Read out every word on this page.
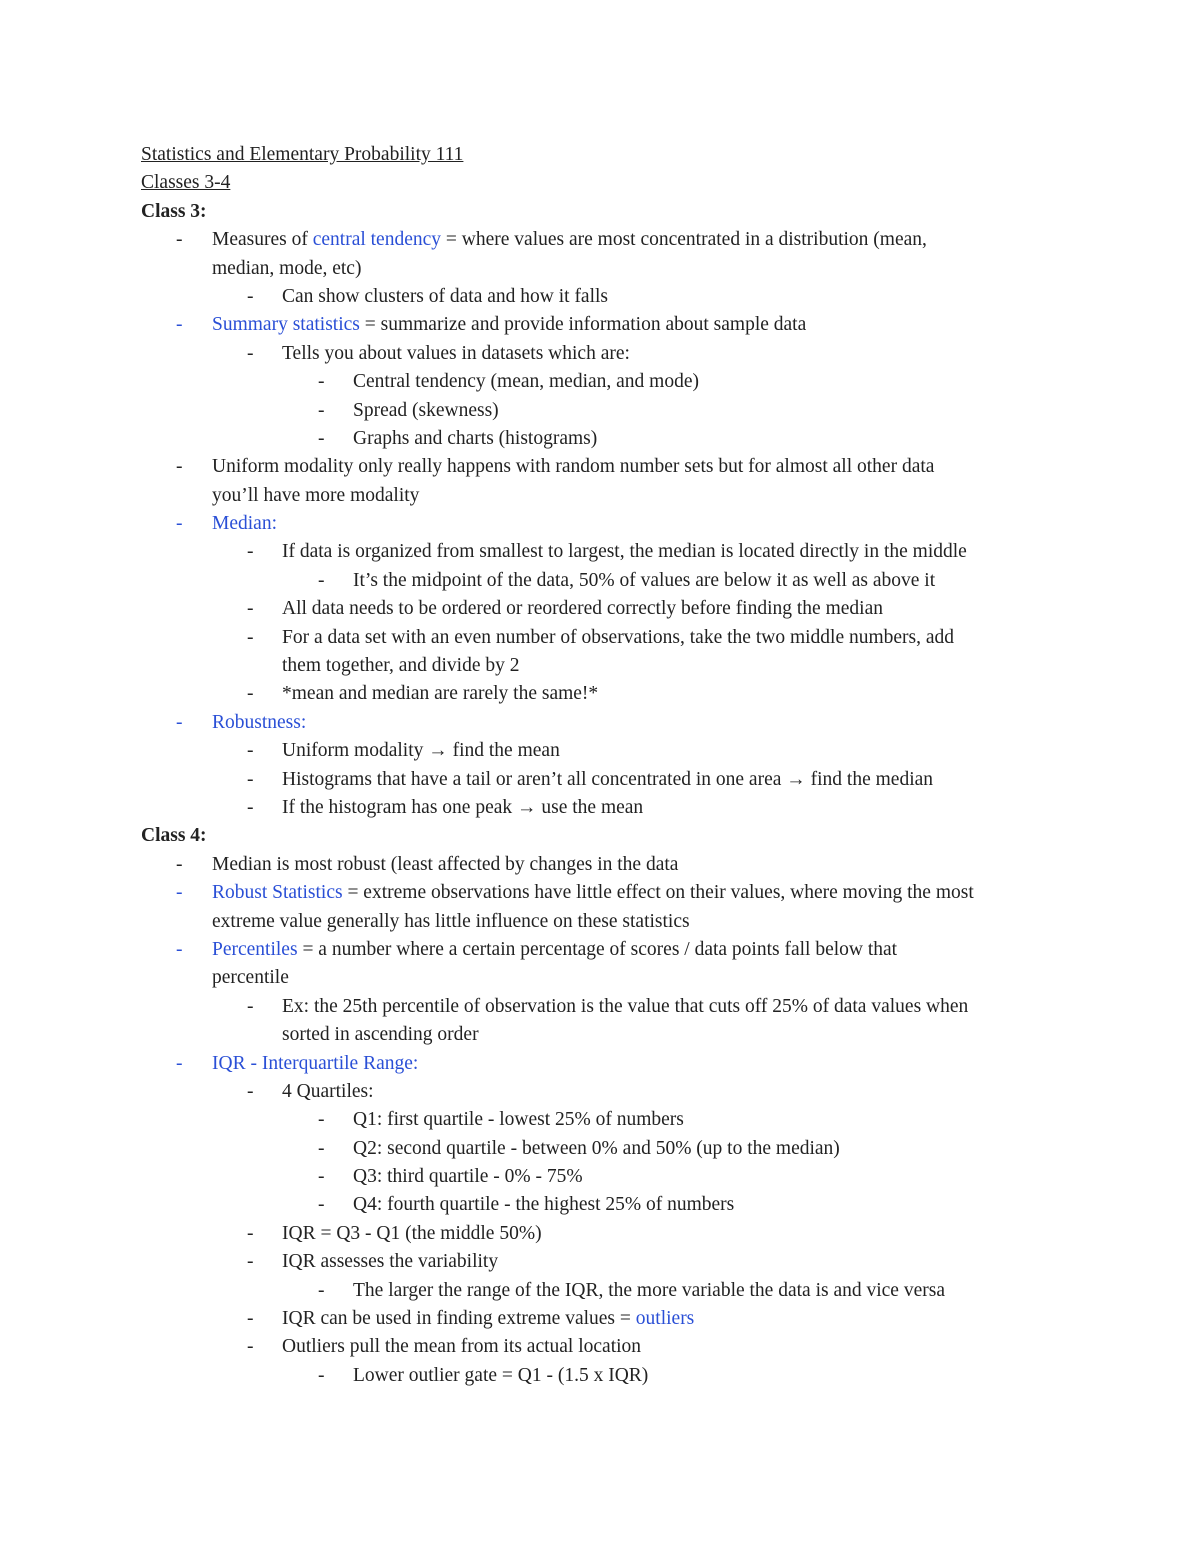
Statistics and Elementary Probability 111
Classes 3-4
Class 3:
- Measures of central tendency = where values are most concentrated in a distribution (mean,
median, mode, etc)
- Can show clusters of data and how it falls
- Summary statistics = summarize and provide information about sample data
- Tells you about values in datasets which are:
- Central tendency (mean, median, and mode)
- Spread (skewness)
- Graphs and charts (histograms)
- Uniform modality only really happens with random number sets but for almost all other data
you’ll have more modality
- Median:
- If data is organized from smallest to largest, the median is located directly in the middle
- It’s the midpoint of the data, 50% of values are below it as well as above it
- All data needs to be ordered or reordered correctly before finding the median
- For a data set with an even number of observations, take the two middle numbers, add
them together, and divide by 2
- *mean and median are rarely the same!*
- Robustness:
- Uniform modality → find the mean
- Histograms that have a tail or aren’t all concentrated in one area → find the median
- If the histogram has one peak → use the mean
Class 4:
- Median is most robust (least affected by changes in the data
- Robust Statistics = extreme observations have little effect on their values, where moving the most
extreme value generally has little influence on these statistics
- Percentiles = a number where a certain percentage of scores / data points fall below that
percentile
- Ex: the 25th percentile of observation is the value that cuts off 25% of data values when
sorted in ascending order
- IQR - Interquartile Range:
- 4 Quartiles:
- Q1: first quartile - lowest 25% of numbers
- Q2: second quartile - between 0% and 50% (up to the median)
- Q3: third quartile - 0% - 75%
- Q4: fourth quartile - the highest 25% of numbers
- IQR = Q3 - Q1 (the middle 50%)
- IQR assesses the variability
- The larger the range of the IQR, the more variable the data is and vice versa
- IQR can be used in finding extreme values = outliers
- Outliers pull the mean from its actual location
- Lower outlier gate = Q1 - (1.5 x IQR)
